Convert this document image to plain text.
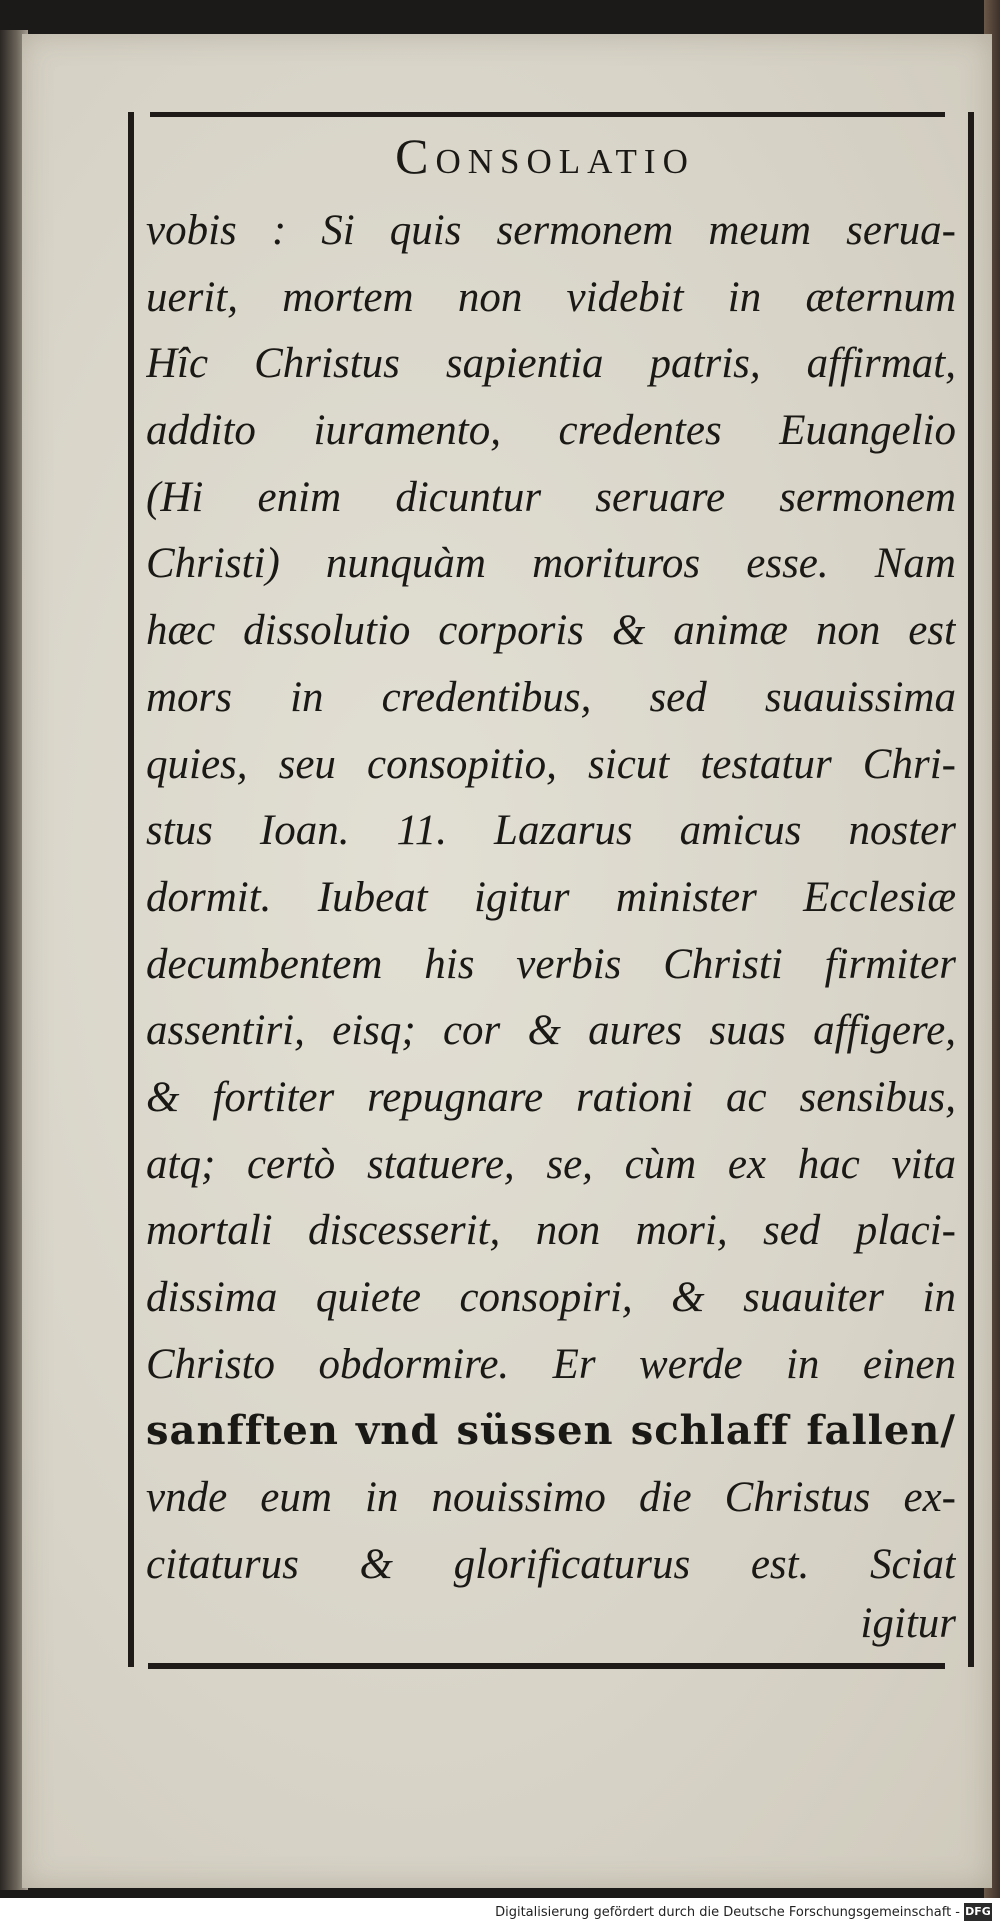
Consolatio
vobis : Si quis sermonem meum serua-
uerit, mortem non videbit in æternum
Hîc Christus sapientia patris, affirmat,
addito iuramento, credentes Euangelio
(Hi enim dicuntur seruare sermonem
Christi) nunquàm morituros esse. Nam
hæc dissolutio corporis & animæ non est
mors in credentibus, sed suauissima
quies, seu consopitio, sicut testatur Chri-
stus Ioan. 11. Lazarus amicus noster
dormit. Iubeat igitur minister Ecclesiæ
decumbentem his verbis Christi firmiter
assentiri, eisq; cor & aures suas affigere,
& fortiter repugnare rationi ac sensibus,
atq; certò statuere, se, cùm ex hac vita
mortali discesserit, non mori, sed placi-
dissima quiete consopiri, & suauiter in
Christo obdormire. Er werde in einen
sanfften vnd süssen schlaff fallen/
vnde eum in nouissimo die Christus ex-
citaturus & glorificaturus est. Sciat
igitur
Digitalisierung gefördert durch die Deutsche Forschungsgemeinschaft - DFG
